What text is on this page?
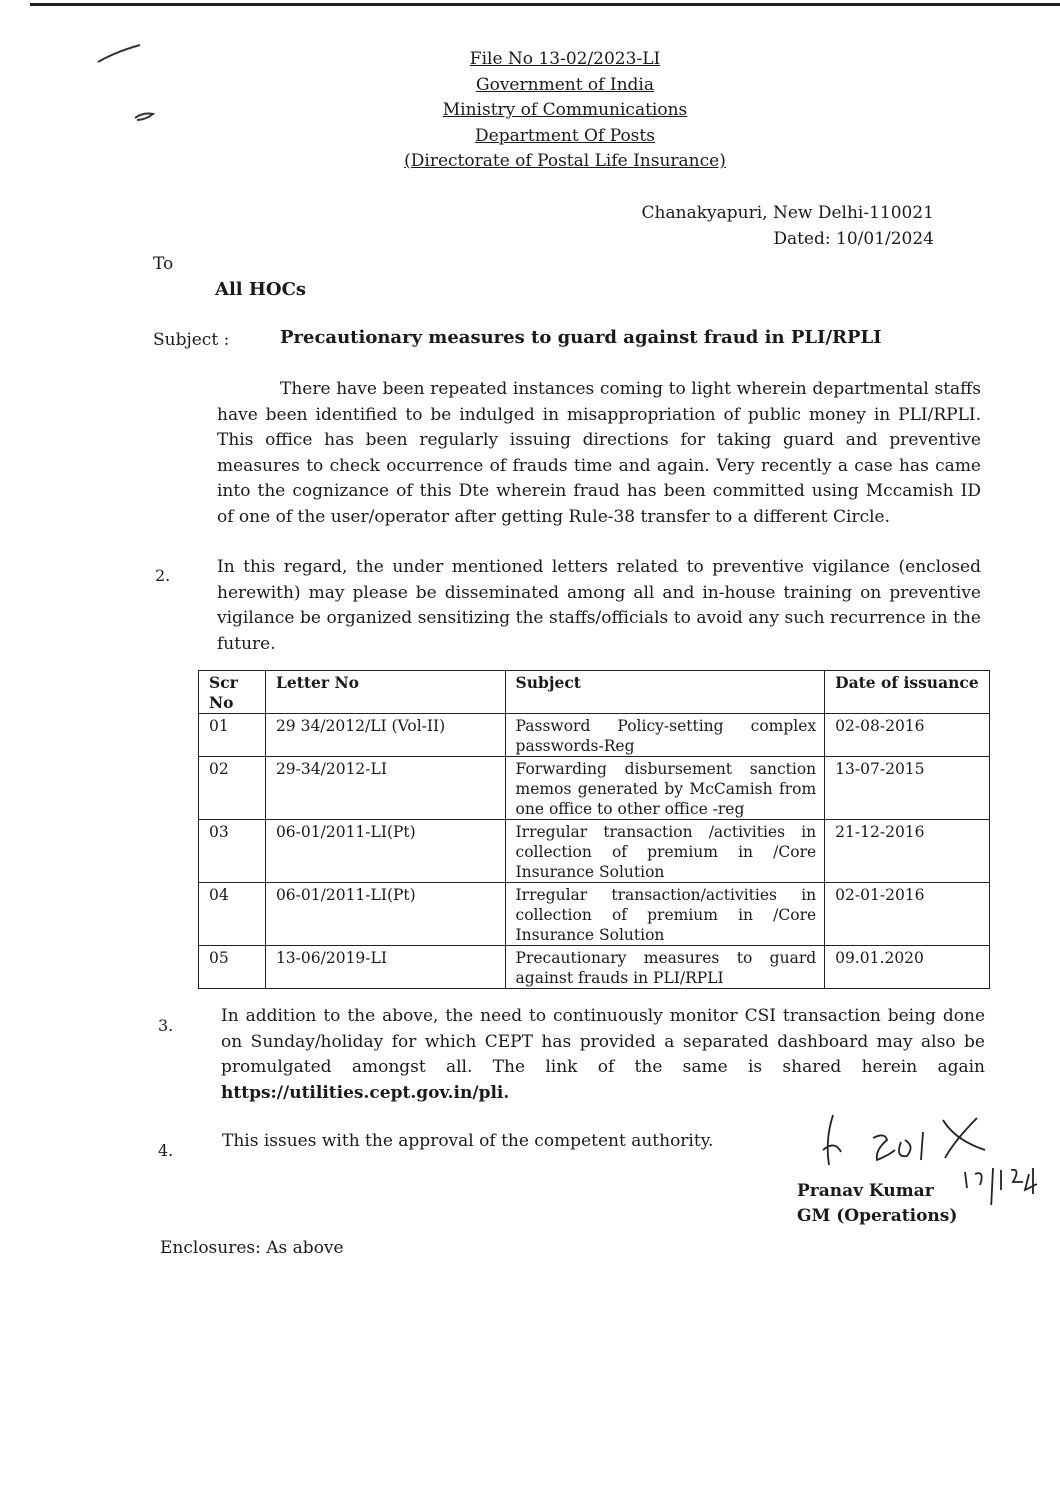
File No 13-02/2023-LI
Government of India
Ministry of Communications
Department Of Posts
(Directorate of Postal Life Insurance)
Chanakyapuri, New Delhi-110021
Dated: 10/01/2024
To
All HOCs
Subject :	Precautionary measures to guard against fraud in PLI/RPLI
There have been repeated instances coming to light wherein departmental staffs have been identified to be indulged in misappropriation of public money in PLI/RPLI. This office has been regularly issuing directions for taking guard and preventive measures to check occurrence of frauds time and again. Very recently a case has came into the cognizance of this Dte wherein fraud has been committed using Mccamish ID of one of the user/operator after getting Rule-38 transfer to a different Circle.
2.	In this regard, the under mentioned letters related to preventive vigilance (enclosed herewith) may please be disseminated among all and in-house training on preventive vigilance be organized sensitizing the staffs/officials to avoid any such recurrence in the future.
Scr No	Letter No	Subject	Date of issuance
01	29 34/2012/LI (Vol-II)	Password Policy-setting complex passwords-Reg	02-08-2016
02	29-34/2012-LI	Forwarding disbursement sanction memos generated by McCamish from one office to other office -reg	13-07-2015
03	06-01/2011-LI(Pt)	Irregular transaction /activities in collection of premium in /Core Insurance Solution	21-12-2016
04	06-01/2011-LI(Pt)	Irregular transaction/activities in collection of premium in /Core Insurance Solution	02-01-2016
05	13-06/2019-LI	Precautionary measures to guard against frauds in PLI/RPLI	09.01.2020
3.	In addition to the above, the need to continuously monitor CSI transaction being done on Sunday/holiday for which CEPT has provided a separated dashboard may also be promulgated amongst all. The link of the same is shared herein again https://utilities.cept.gov.in/pli.
4.	This issues with the approval of the competent authority.
Pranav Kumar
GM (Operations)
Enclosures: As above
